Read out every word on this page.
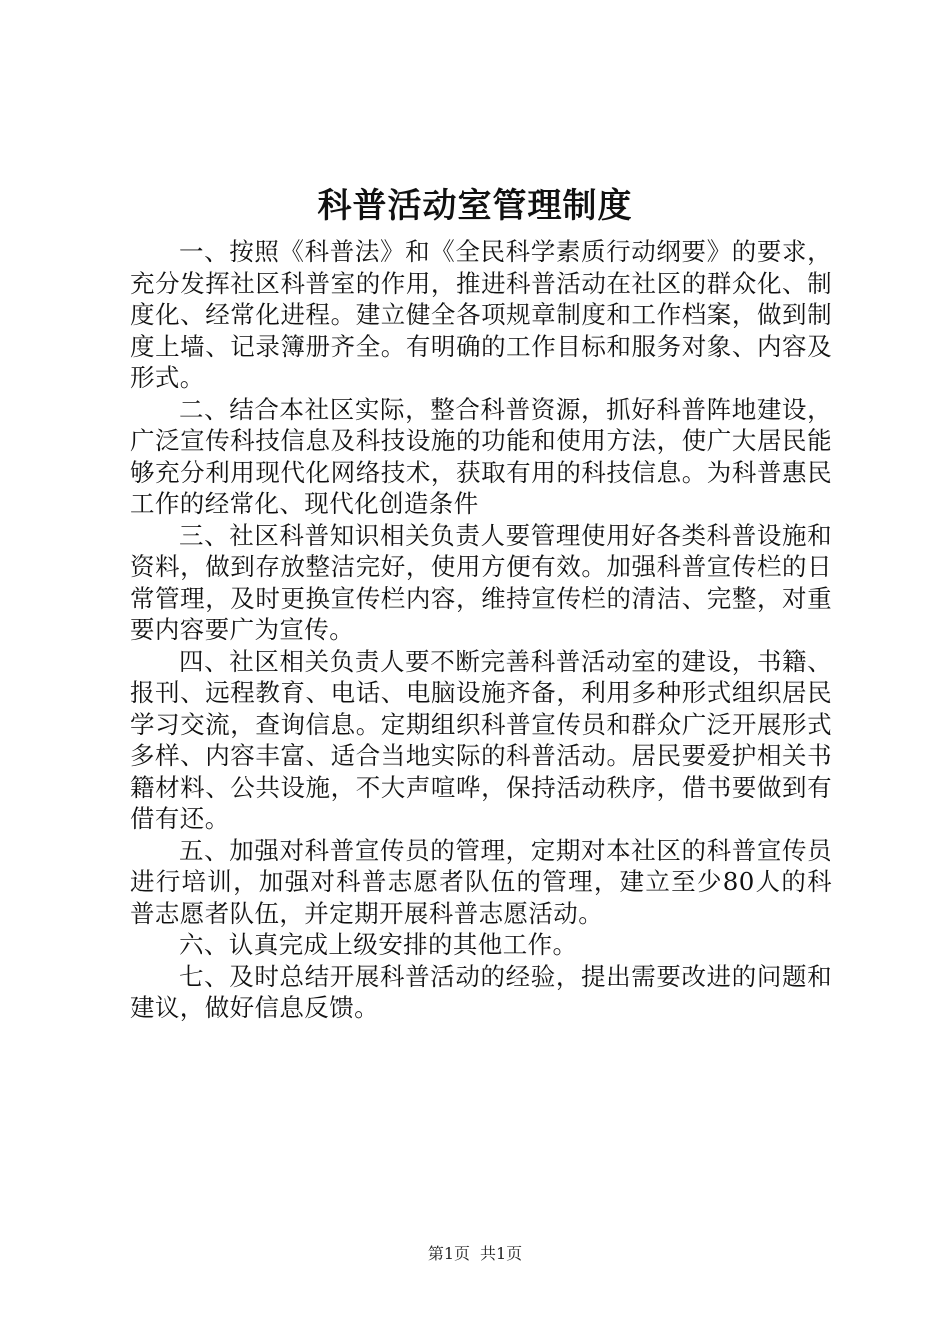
科普活动室管理制度

一、按照《科普法》和《全民科学素质行动纲要》的要求，充分发挥社区科普室的作用，推进科普活动在社区的群众化、制度化、经常化进程。建立健全各项规章制度和工作档案，做到制度上墙、记录簿册齐全。有明确的工作目标和服务对象、内容及形式。

二、结合本社区实际，整合科普资源，抓好科普阵地建设，广泛宣传科技信息及科技设施的功能和使用方法，使广大居民能够充分利用现代化网络技术，获取有用的科技信息。为科普惠民工作的经常化、现代化创造条件

三、社区科普知识相关负责人要管理使用好各类科普设施和资料，做到存放整洁完好，使用方便有效。加强科普宣传栏的日常管理，及时更换宣传栏内容，维持宣传栏的清洁、完整，对重要内容要广为宣传。

四、社区相关负责人要不断完善科普活动室的建设，书籍、报刊、远程教育、电话、电脑设施齐备，利用多种形式组织居民学习交流，查询信息。定期组织科普宣传员和群众广泛开展形式多样、内容丰富、适合当地实际的科普活动。居民要爱护相关书籍材料、公共设施，不大声喧哗，保持活动秩序，借书要做到有借有还。

五、加强对科普宣传员的管理，定期对本社区的科普宣传员进行培训，加强对科普志愿者队伍的管理，建立至少80人的科普志愿者队伍，并定期开展科普志愿活动。

六、认真完成上级安排的其他工作。

七、及时总结开展科普活动的经验，提出需要改进的问题和建议，做好信息反馈。

第1页 共1页
